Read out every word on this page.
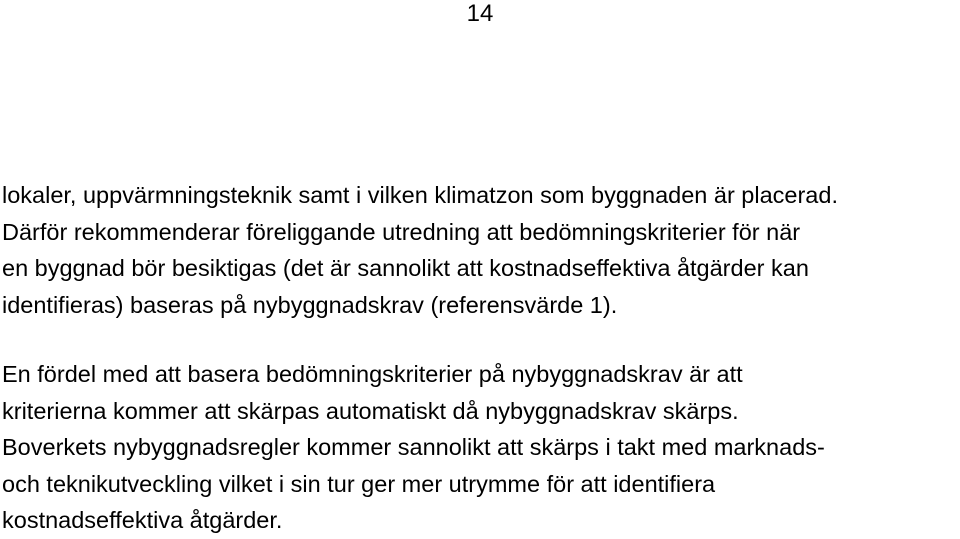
14

lokaler, uppvärmningsteknik samt i vilken klimatzon som byggnaden är placerad.
Därför rekommenderar föreliggande utredning att bedömningskriterier för när
en byggnad bör besiktigas (det är sannolikt att kostnadseffektiva åtgärder kan
identifieras) baseras på nybyggnadskrav (referensvärde 1).

En fördel med att basera bedömningskriterier på nybyggnadskrav är att
kriterierna kommer att skärpas automatiskt då nybyggnadskrav skärps.
Boverkets nybyggnadsregler kommer sannolikt att skärps i takt med marknads-
och teknikutveckling vilket i sin tur ger mer utrymme för att identifiera
kostnadseffektiva åtgärder.
